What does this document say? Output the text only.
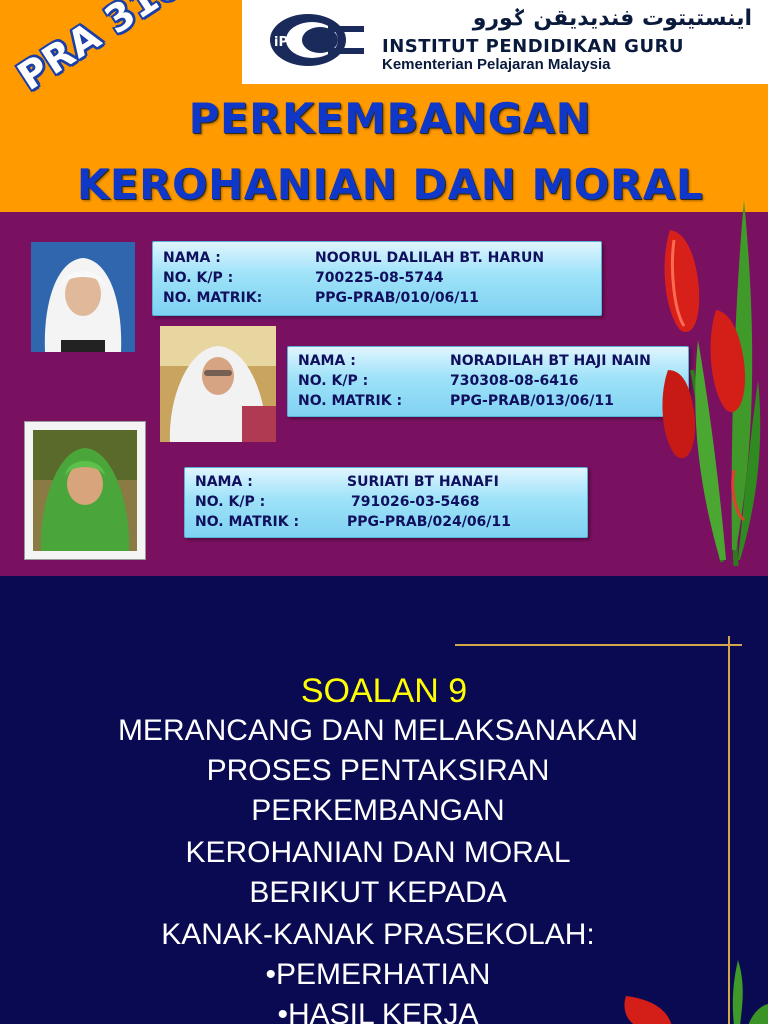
iPG
اينستيتوت فنديديقن ݢورو
INSTITUT PENDIDIKAN GURU
Kementerian Pelajaran Malaysia
PERKEMBANGAN
KEROHANIAN DAN MORAL
NAMA :	NOORUL DALILAH BT. HARUN
NO. K/P :	700225-08-5744
NO. MATRIK:	PPG-PRAB/010/06/11
NAMA :	NORADILAH BT HAJI NAIN
NO. K/P :	730308-08-6416
NO. MATRIK :	PPG-PRAB/013/06/11
NAMA :	SURIATI BT HANAFI
NO. K/P :	791026-03-5468
NO. MATRIK :	PPG-PRAB/024/06/11
SOALAN 9
MERANCANG DAN MELAKSANAKAN
PROSES PENTAKSIRAN
PERKEMBANGAN
KEROHANIAN DAN MORAL
BERIKUT KEPADA
KANAK-KANAK PRASEKOLAH:
•PEMERHATIAN
•HASIL KERJA
